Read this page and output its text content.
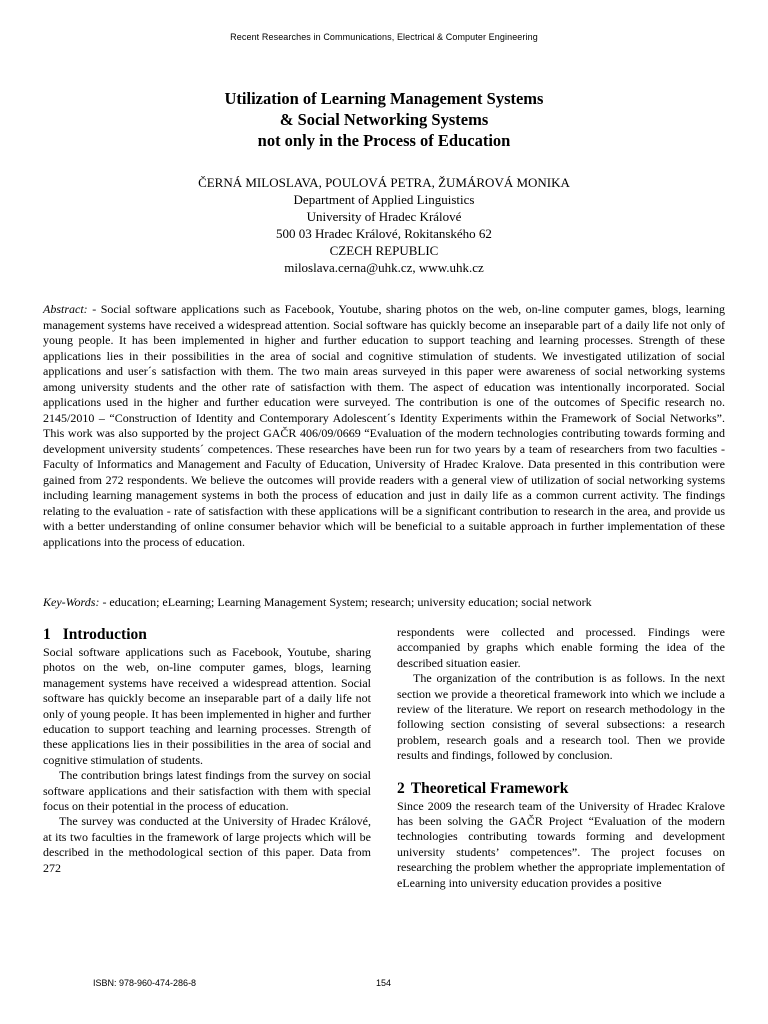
Recent Researches in Communications, Electrical & Computer Engineering
Utilization of Learning Management Systems
& Social Networking Systems
not only in the Process of Education
ČERNÁ MILOSLAVA, POULOVÁ PETRA, ŽUMÁROVÁ MONIKA
Department of Applied Linguistics
University of Hradec Králové
500 03 Hradec Králové, Rokitanského 62
CZECH REPUBLIC
miloslava.cerna@uhk.cz, www.uhk.cz

Abstract: - Social software applications such as Facebook, Youtube, sharing photos on the web, on-line computer games, blogs, learning management systems have received a widespread attention. Social software has quickly become an inseparable part of a daily life not only of young people. It has been implemented in higher and further education to support teaching and learning processes. Strength of these applications lies in their possibilities in the area of social and cognitive stimulation of students. We investigated utilization of social applications and user´s satisfaction with them. The two main areas surveyed in this paper were awareness of social networking systems among university students and the other rate of satisfaction with them. The aspect of education was intentionally incorporated. Social applications used in the higher and further education were surveyed. The contribution is one of the outcomes of Specific research no. 2145/2010 – “Construction of Identity and Contemporary Adolescent´s Identity Experiments within the Framework of Social Networks”. This work was also supported by the project GAČR 406/09/0669 “Evaluation of the modern technologies contributing towards forming and development university students´ competences. These researches have been run for two years by a team of researchers from two faculties - Faculty of Informatics and Management and Faculty of Education, University of Hradec Kralove. Data presented in this contribution were gained from 272 respondents. We believe the outcomes will provide readers with a general view of utilization of social networking systems including learning management systems in both the process of education and just in daily life as a common current activity. The findings relating to the evaluation - rate of satisfaction with these applications will be a significant contribution to research in the area, and provide us with a better understanding of online consumer behavior which will be beneficial to a suitable approach in further implementation of these applications into the process of education.

Key-Words: - education; eLearning; Learning Management System; research; university education; social network

1 Introduction

Social software applications such as Facebook, Youtube, sharing photos on the web, on-line computer games, blogs, learning management systems have received a widespread attention. Social software has quickly become an inseparable part of a daily life not only of young people. It has been implemented in higher and further education to support teaching and learning processes. Strength of these applications lies in their possibilities in the area of social and cognitive stimulation of students.

The contribution brings latest findings from the survey on social software applications and their satisfaction with them with special focus on their potential in the process of education.

The survey was conducted at the University of Hradec Králové, at its two faculties in the framework of large projects which will be described in the methodological section of this paper. Data from 272

respondents were collected and processed. Findings were accompanied by graphs which enable forming the idea of the described situation easier.

The organization of the contribution is as follows. In the next section we provide a theoretical framework into which we include a review of the literature. We report on research methodology in the following section consisting of several subsections: a research problem, research goals and a research tool. Then we provide results and findings, followed by conclusion.

2 Theoretical Framework

Since 2009 the research team of the University of Hradec Kralove has been solving the GAČR Project “Evaluation of the modern technologies contributing towards forming and development university students’ competences”. The project focuses on researching the problem whether the appropriate implementation of eLearning into university education provides a positive

ISBN: 978-960-474-286-8	154
